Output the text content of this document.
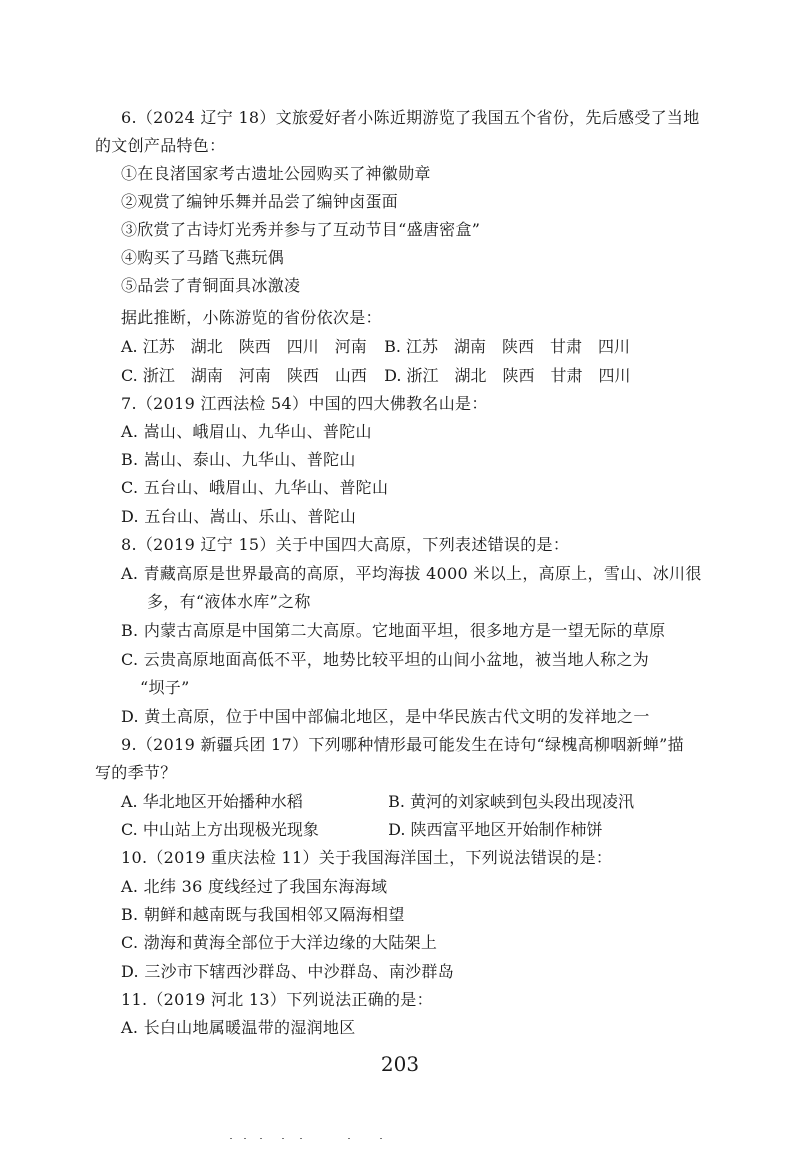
6.（2024 辽宁 18）文旅爱好者小陈近期游览了我国五个省份，先后感受了当地
的文创产品特色：
①在良渚国家考古遗址公园购买了神徽勋章
②观赏了编钟乐舞并品尝了编钟卤蛋面
③欣赏了古诗灯光秀并参与了互动节目“盛唐密盒”
④购买了马踏飞燕玩偶
⑤品尝了青铜面具冰激凌
据此推断，小陈游览的省份依次是：
A. 江苏　湖北　陕西　四川　河南 B. 江苏　湖南　陕西　甘肃　四川
C. 浙江　湖南　河南　陕西　山西 D. 浙江　湖北　陕西　甘肃　四川
7.（2019 江西法检 54）中国的四大佛教名山是：
A. 嵩山、峨眉山、九华山、普陀山
B. 嵩山、泰山、九华山、普陀山
C. 五台山、峨眉山、九华山、普陀山
D. 五台山、嵩山、乐山、普陀山
8.（2019 辽宁 15）关于中国四大高原，下列表述错误的是：
A. 青藏高原是世界最高的高原，平均海拔 4000 米以上，高原上，雪山、冰川很
多，有“液体水库”之称
B. 内蒙古高原是中国第二大高原。它地面平坦，很多地方是一望无际的草原
C. 云贵高原地面高低不平，地势比较平坦的山间小盆地，被当地人称之为
“坝子”
D. 黄土高原，位于中国中部偏北地区，是中华民族古代文明的发祥地之一
9.（2019 新疆兵团 17）下列哪种情形最可能发生在诗句“绿槐高柳咽新蝉”描
写的季节？
A. 华北地区开始播种水稻	B. 黄河的刘家峡到包头段出现凌汛
C. 中山站上方出现极光现象	D. 陕西富平地区开始制作柿饼
10.（2019 重庆法检 11）关于我国海洋国土，下列说法错误的是：
A. 北纬 36 度线经过了我国东海海域
B. 朝鲜和越南既与我国相邻又隔海相望
C. 渤海和黄海全部位于大洋边缘的大陆架上
D. 三沙市下辖西沙群岛、中沙群岛、南沙群岛
11.（2019 河北 13）下列说法正确的是：
A. 长白山地属暖温带的湿润地区
203
